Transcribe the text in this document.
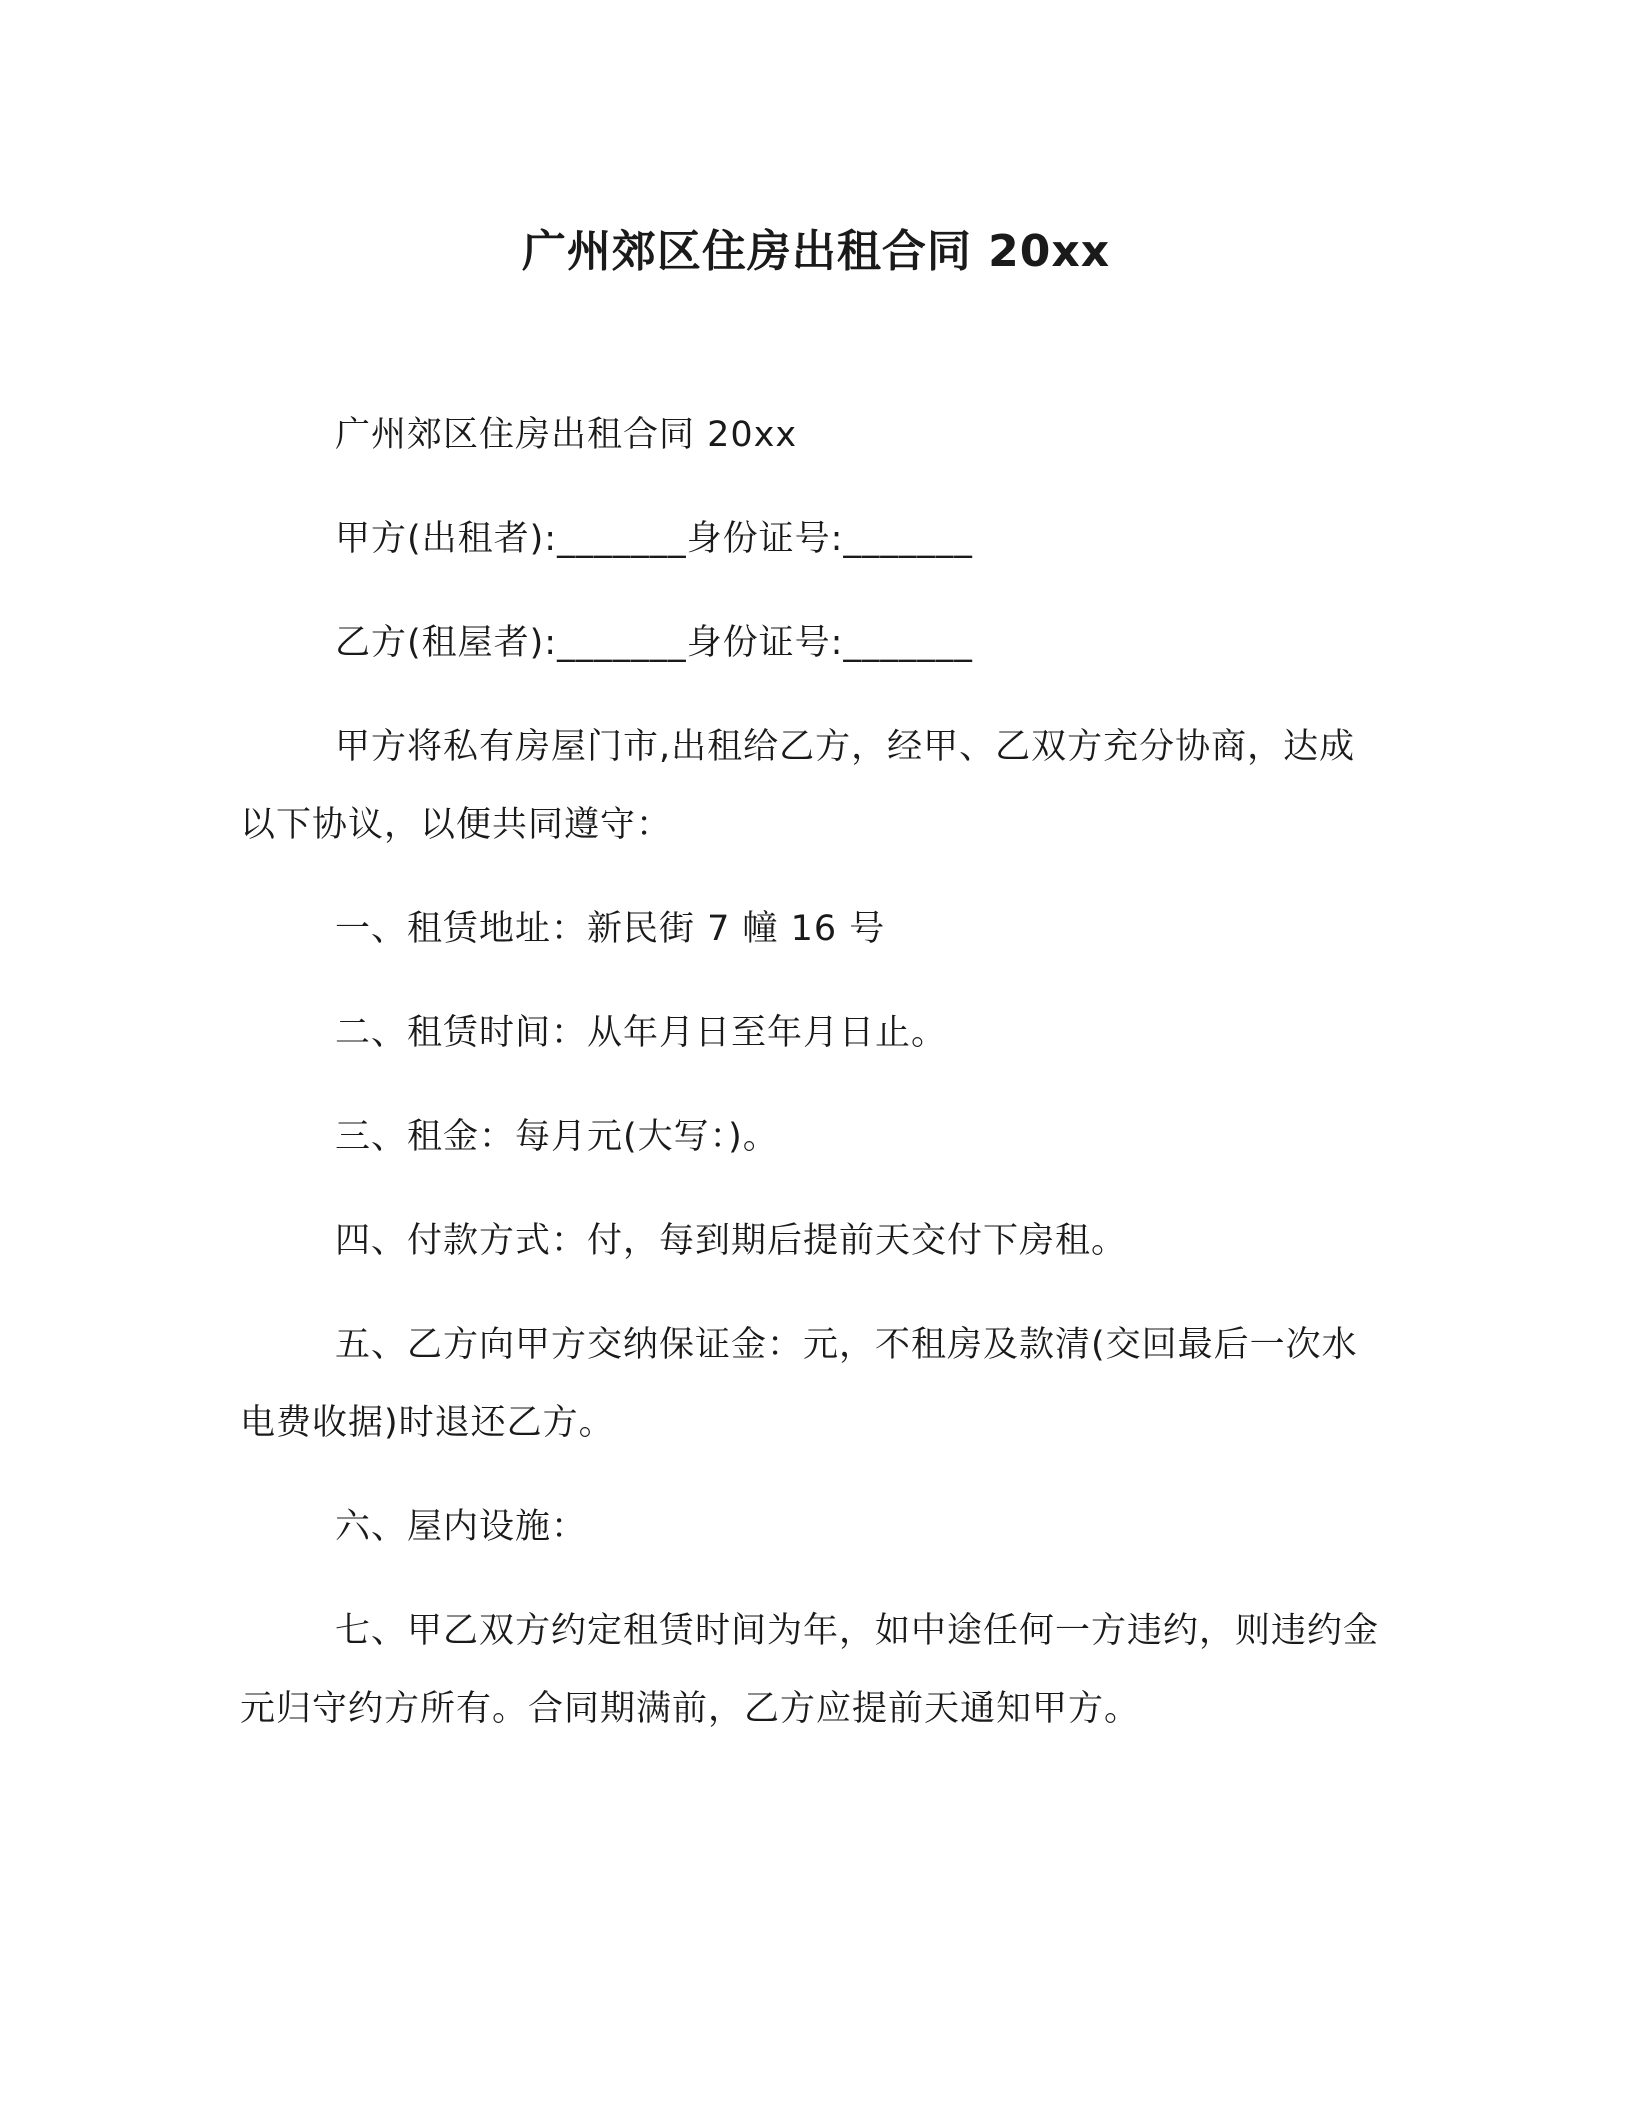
广州郊区住房出租合同 20xx

广州郊区住房出租合同 20xx

甲方(出租者):_______身份证号:_______

乙方(租屋者):_______身份证号:_______

甲方将私有房屋门市,出租给乙方，经甲、乙双方充分协商，达成以下协议，以便共同遵守：

一、租赁地址：新民街 7 幢 16 号

二、租赁时间：从年月日至年月日止。

三、租金：每月元(大写：)。

四、付款方式：付，每到期后提前天交付下房租。

五、乙方向甲方交纳保证金：元，不租房及款清(交回最后一次水电费收据)时退还乙方。

六、屋内设施：

七、甲乙双方约定租赁时间为年，如中途任何一方违约，则违约金元归守约方所有。合同期满前，乙方应提前天通知甲方。
